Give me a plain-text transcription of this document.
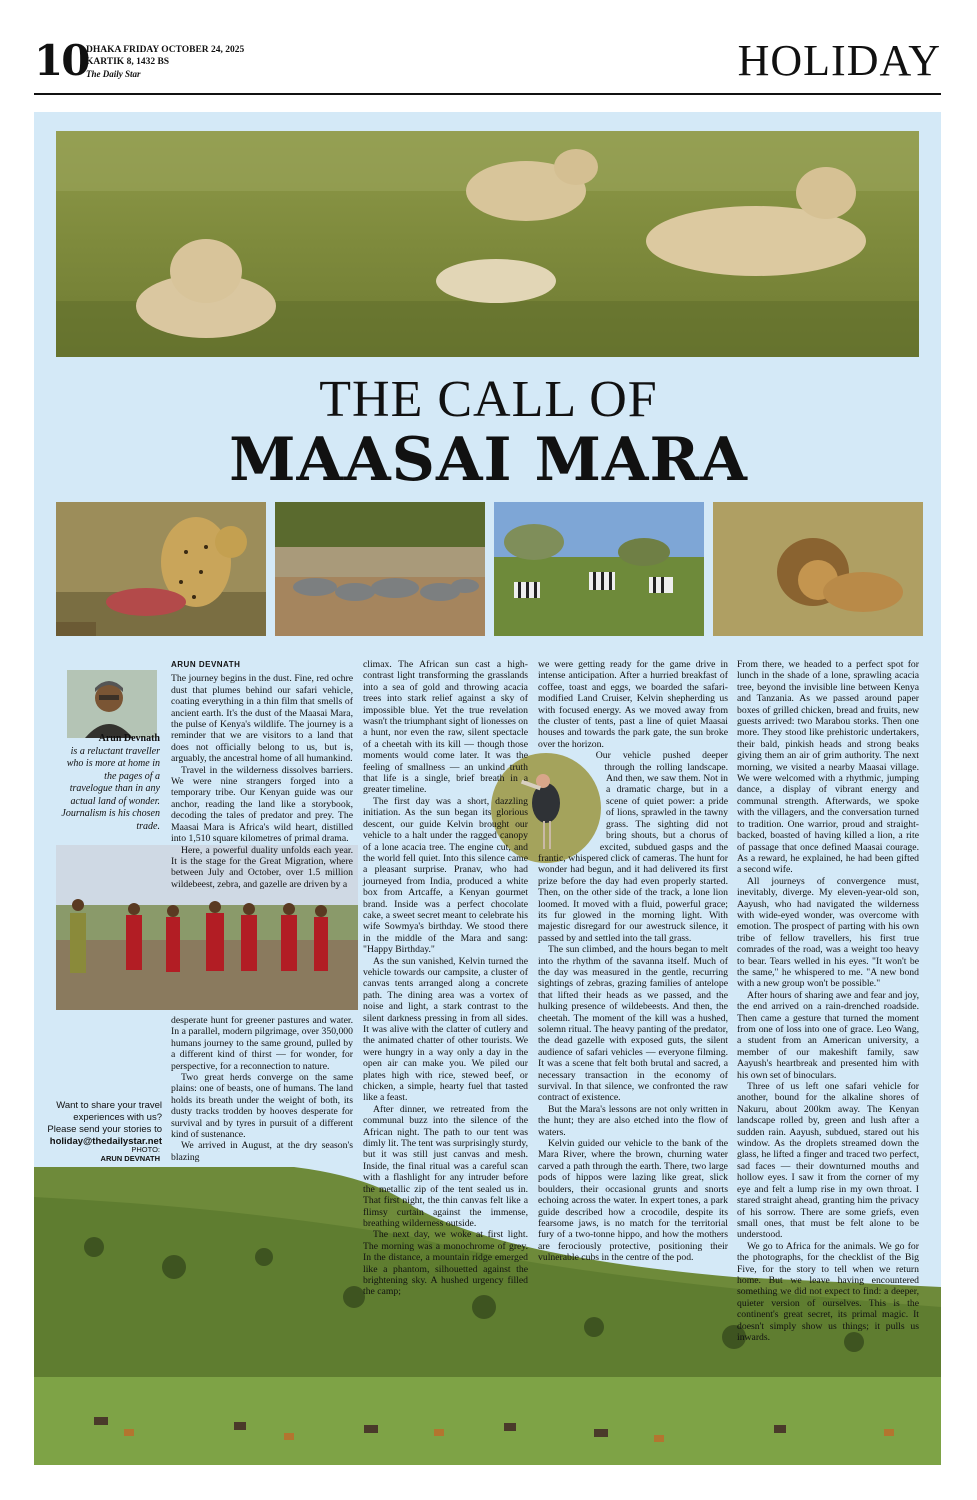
10
DHAKA FRIDAY OCTOBER 24, 2025
KARTIK 8, 1432 BS
The Daily Star	HOLIDAY
THE CALL OF
MAASAI MARA
Arun Devnath
is a reluctant traveller who is more at home in the pages of a travelogue than in any actual land of wonder. Journalism is his chosen trade.
ARUN DEVNATH

The journey begins in the dust. Fine, red ochre dust that plumes behind our safari vehicle, coating everything in a thin film that smells of ancient earth. It's the dust of the Maasai Mara, the pulse of Kenya's wildlife. The journey is a reminder that we are visitors to a land that does not officially belong to us, but is, arguably, the ancestral home of all humankind.

Travel in the wilderness dissolves barriers. We were nine strangers forged into a temporary tribe. Our Kenyan guide was our anchor, reading the land like a storybook, decoding the tales of predator and prey. The Maasai Mara is Africa's wild heart, distilled into 1,510 square kilometres of primal drama.

Here, a powerful duality unfolds each year. It is the stage for the Great Migration, where between July and October, over 1.5 million wildebeest, zebra, and gazelle are driven by a

desperate hunt for greener pastures and water. In a parallel, modern pilgrimage, over 350,000 humans journey to the same ground, pulled by a different kind of thirst — for wonder, for perspective, for a reconnection to nature.

Two great herds converge on the same plains: one of beasts, one of humans. The land holds its breath under the weight of both, its dusty tracks trodden by hooves desperate for survival and by tyres in pursuit of a different kind of sustenance.

We arrived in August, at the dry season's blazing

climax. The African sun cast a high-contrast light transforming the grasslands into a sea of gold and throwing acacia trees into stark relief against a sky of impossible blue. Yet the true revelation wasn't the triumphant sight of lionesses on a hunt, nor even the raw, silent spectacle of a cheetah with its kill — though those moments would come later. It was the feeling of smallness — an unkind truth that life is a single, brief breath in a greater timeline.

The first day was a short, dazzling initiation. As the sun began its glorious descent, our guide Kelvin brought our vehicle to a halt under the ragged canopy of a lone acacia tree. The engine cut, and the world fell quiet. Into this silence came a pleasant surprise. Pranav, who had journeyed from India, produced a white box from Artcaffe, a Kenyan gourmet brand. Inside was a perfect chocolate cake, a sweet secret meant to celebrate his wife Sowmya's birthday. We stood there in the middle of the Mara and sang: "Happy Birthday."

As the sun vanished, Kelvin turned the vehicle towards our campsite, a cluster of canvas tents arranged along a concrete path. The dining area was a vortex of noise and light, a stark contrast to the silent darkness pressing in from all sides. It was alive with the clatter of cutlery and the animated chatter of other tourists. We were hungry in a way only a day in the open air can make you. We piled our plates high with rice, stewed beef, or chicken, a simple, hearty fuel that tasted like a feast.

After dinner, we retreated from the communal buzz into the silence of the African night. The path to our tent was dimly lit. The tent was surprisingly sturdy, but it was still just canvas and mesh. Inside, the final ritual was a careful scan with a flashlight for any intruder before the metallic zip of the tent sealed us in. That first night, the thin canvas felt like a flimsy curtain against the immense, breathing wilderness outside.

The next day, we woke at first light. The morning was a monochrome of grey. In the distance, a mountain ridge emerged like a phantom, silhouetted against the brightening sky. A hushed urgency filled the camp;

we were getting ready for the game drive in intense anticipation. After a hurried breakfast of coffee, toast and eggs, we boarded the safari-modified Land Cruiser, Kelvin shepherding us with focused energy. As we moved away from the cluster of tents, past a line of quiet Maasai houses and towards the park gate, the sun broke over the horizon.

Our vehicle pushed deeper through the rolling landscape. And then, we saw them. Not in a dramatic charge, but in a scene of quiet power: a pride of lions, sprawled in the tawny grass. The sighting did not bring shouts, but a chorus of excited, subdued gasps and the frantic, whispered click of cameras. The hunt for wonder had begun, and it had delivered its first prize before the day had even properly started. Then, on the other side of the track, a lone lion loomed. It moved with a fluid, powerful grace; its fur glowed in the morning light. With majestic disregard for our awestruck silence, it passed by and settled into the tall grass.

The sun climbed, and the hours began to melt into the rhythm of the savanna itself. Much of the day was measured in the gentle, recurring sightings of zebras, grazing families of antelope that lifted their heads as we passed, and the hulking presence of wildebeests. And then, the cheetah. The moment of the kill was a hushed, solemn ritual. The heavy panting of the predator, the dead gazelle with exposed guts, the silent audience of safari vehicles — everyone filming. It was a scene that felt both brutal and sacred, a necessary transaction in the economy of survival. In that silence, we confronted the raw contract of existence.

But the Mara's lessons are not only written in the hunt; they are also etched into the flow of waters.

Kelvin guided our vehicle to the bank of the Mara River, where the brown, churning water carved a path through the earth. There, two large pods of hippos were lazing like great, slick boulders, their occasional grunts and snorts echoing across the water. In expert tones, a park guide described how a crocodile, despite its fearsome jaws, is no match for the territorial fury of a two-tonne hippo, and how the mothers are ferociously protective, positioning their vulnerable cubs in the centre of the pod.

From there, we headed to a perfect spot for lunch in the shade of a lone, sprawling acacia tree, beyond the invisible line between Kenya and Tanzania. As we passed around paper boxes of grilled chicken, bread and fruits, new guests arrived: two Marabou storks. Then one more. They stood like prehistoric undertakers, their bald, pinkish heads and strong beaks giving them an air of grim authority. The next morning, we visited a nearby Maasai village. We were welcomed with a rhythmic, jumping dance, a display of vibrant energy and communal strength. Afterwards, we spoke with the villagers, and the conversation turned to tradition. One warrior, proud and straight-backed, boasted of having killed a lion, a rite of passage that once defined Maasai courage. As a reward, he explained, he had been gifted a second wife.

All journeys of convergence must, inevitably, diverge. My eleven-year-old son, Aayush, who had navigated the wilderness with wide-eyed wonder, was overcome with emotion. The prospect of parting with his own tribe of fellow travellers, his first true comrades of the road, was a weight too heavy to bear. Tears welled in his eyes. "It won't be the same," he whispered to me. "A new bond with a new group won't be possible."

After hours of sharing awe and fear and joy, the end arrived on a rain-drenched roadside. Then came a gesture that turned the moment from one of loss into one of grace. Leo Wang, a student from an American university, a member of our makeshift family, saw Aayush's heartbreak and presented him with his own set of binoculars.

Three of us left one safari vehicle for another, bound for the alkaline shores of Nakuru, about 200km away. The Kenyan landscape rolled by, green and lush after a sudden rain. Aayush, subdued, stared out his window. As the droplets streamed down the glass, he lifted a finger and traced two perfect, sad faces — their downturned mouths and hollow eyes. I saw it from the corner of my eye and felt a lump rise in my own throat. I stared straight ahead, granting him the privacy of his sorrow. There are some griefs, even small ones, that must be felt alone to be understood.

We go to Africa for the animals. We go for the photographs, for the checklist of the Big Five, for the story to tell when we return home. But we leave having encountered something we did not expect to find: a deeper, quieter version of ourselves. This is the continent's great secret, its primal magic. It doesn't simply show us things; it pulls us inwards.

Want to share your travel experiences with us?
Please send your stories to
holiday@thedailystar.net
PHOTO:
ARUN DEVNATH
